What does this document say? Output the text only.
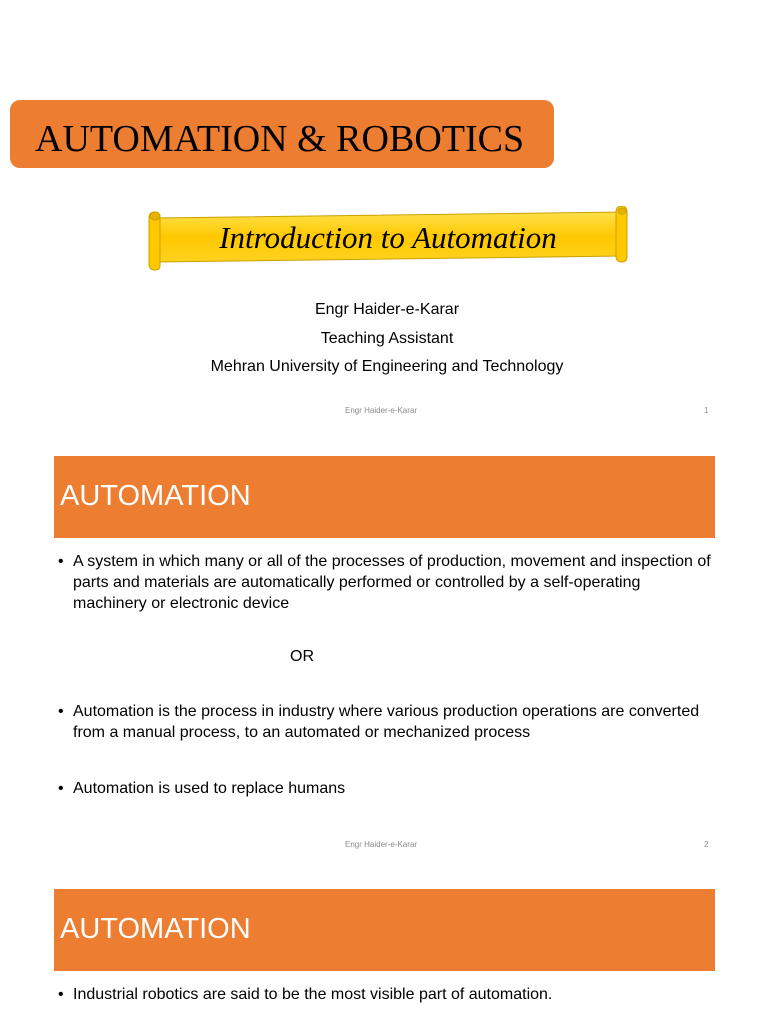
AUTOMATION & ROBOTICS
Introduction to Automation
Engr Haider-e-Karar
Teaching Assistant
Mehran University of Engineering and Technology
Engr Haider-e-Karar	1
AUTOMATION
• A system in which many or all of the processes of production, movement and inspection of parts and materials are automatically performed or controlled by a self-operating machinery or electronic device
• Automation is the process in industry where various production operations are converted from a manual process, to an automated or mechanized process
• Automation is used to replace humans
OR
Engr Haider-e-Karar	2
AUTOMATION
• Industrial robotics are said to be the most visible part of automation.
